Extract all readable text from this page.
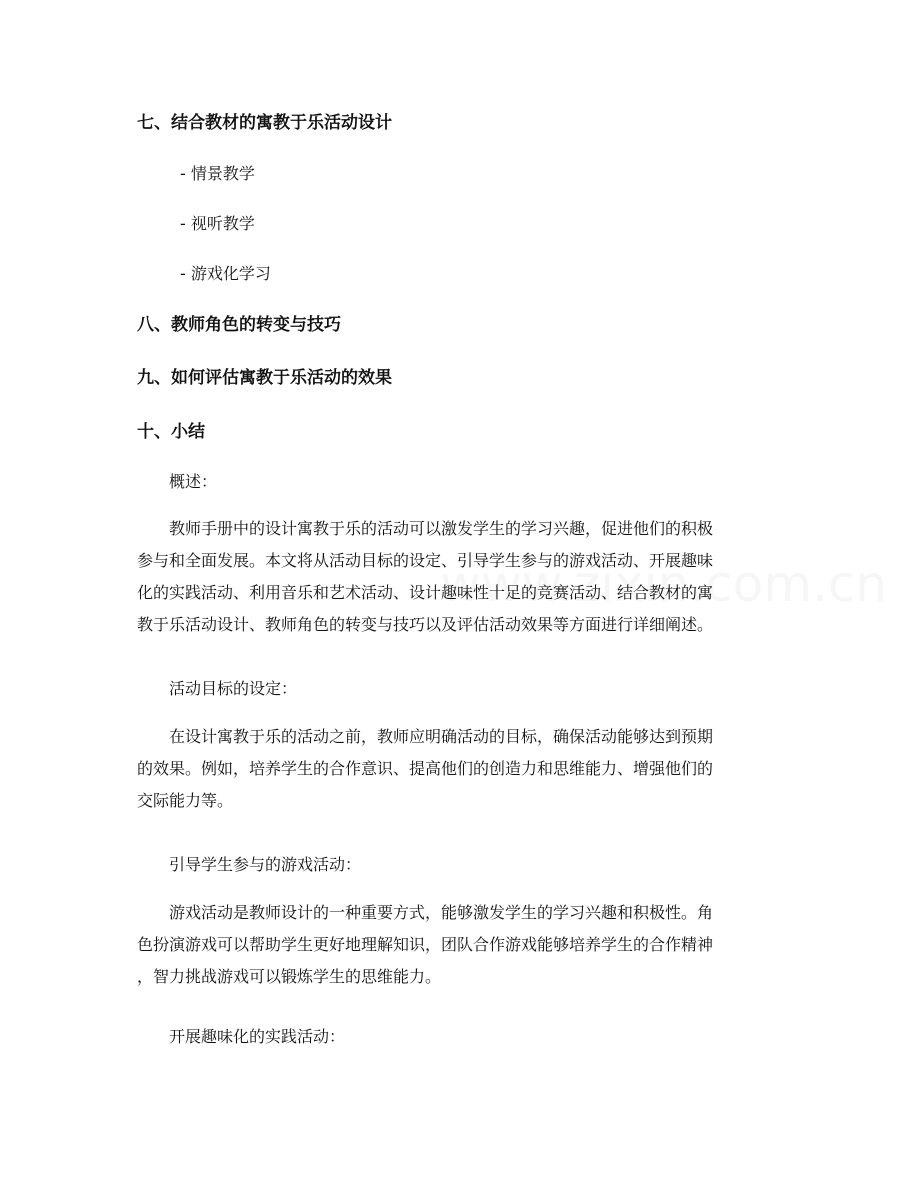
七、结合教材的寓教于乐活动设计
- 情景教学
- 视听教学
- 游戏化学习
八、教师角色的转变与技巧
九、如何评估寓教于乐活动的效果
十、小结
概述：
教师手册中的设计寓教于乐的活动可以激发学生的学习兴趣，促进他们的积极
参与和全面发展。本文将从活动目标的设定、引导学生参与的游戏活动、开展趣味
化的实践活动、利用音乐和艺术活动、设计趣味性十足的竞赛活动、结合教材的寓
教于乐活动设计、教师角色的转变与技巧以及评估活动效果等方面进行详细阐述。
活动目标的设定：
在设计寓教于乐的活动之前，教师应明确活动的目标，确保活动能够达到预期
的效果。例如，培养学生的合作意识、提高他们的创造力和思维能力、增强他们的
交际能力等。
引导学生参与的游戏活动：
游戏活动是教师设计的一种重要方式，能够激发学生的学习兴趣和积极性。角
色扮演游戏可以帮助学生更好地理解知识，团队合作游戏能够培养学生的合作精神
，智力挑战游戏可以锻炼学生的思维能力。
开展趣味化的实践活动：
